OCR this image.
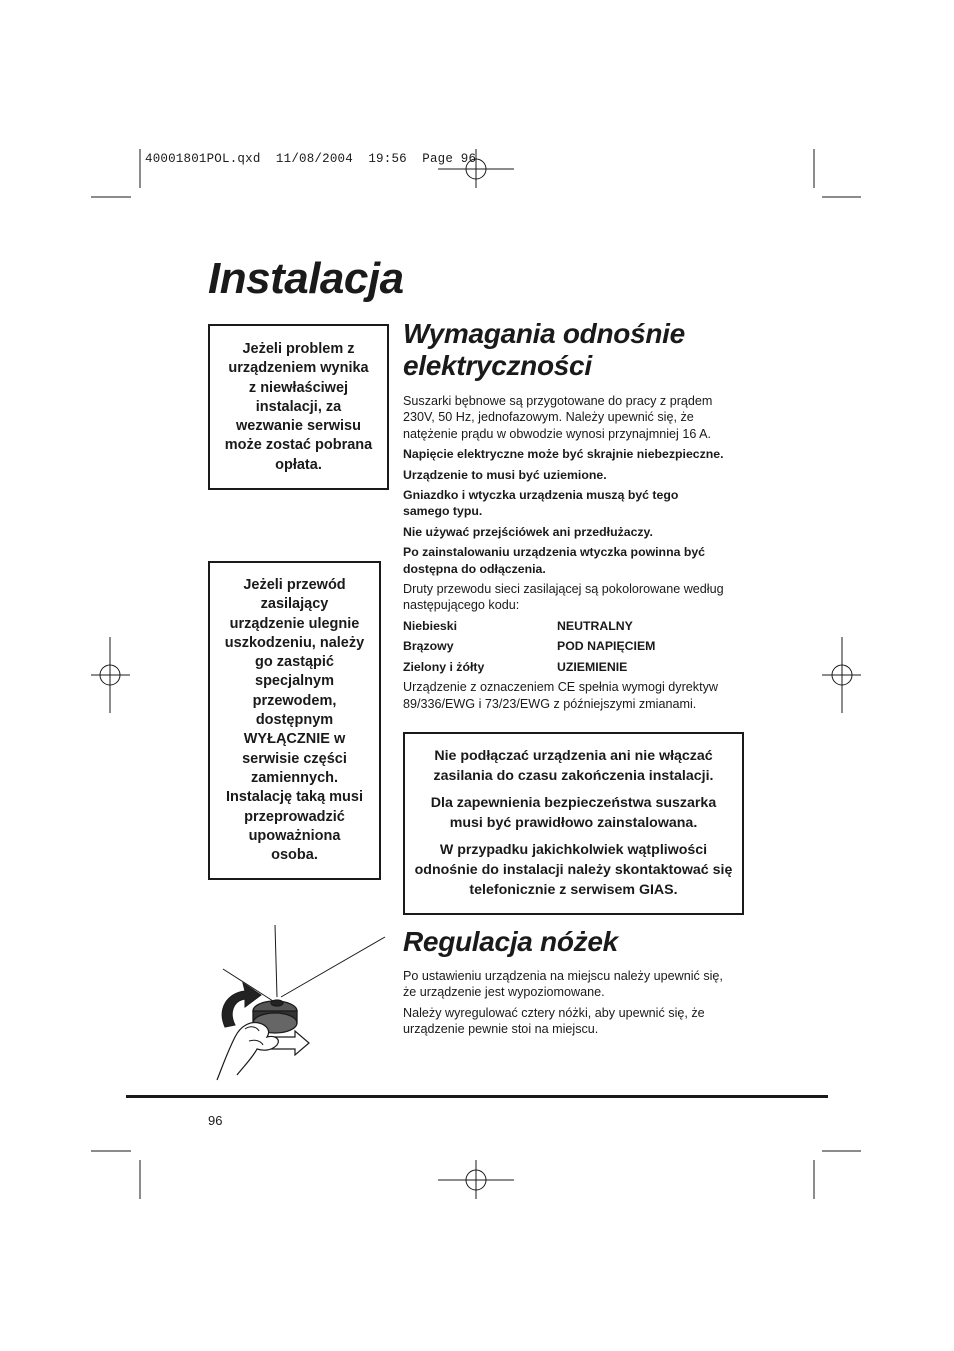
40001801POL.qxd  11/08/2004  19:56  Page 96
Instalacja
Jeżeli problem z
urządzeniem wynika
z niewłaściwej
instalacji, za
wezwanie serwisu
może zostać pobrana
opłata.
Jeżeli przewód
zasilający
urządzenie ulegnie
uszkodzeniu, należy
go zastąpić
specjalnym
przewodem,
dostępnym
WYŁĄCZNIE w
serwisie części
zamiennych.
Instalację taką musi
przeprowadzić
upoważniona
osoba.
Wymagania odnośnie
elektryczności

Suszarki bębnowe są przygotowane do pracy z prądem
230V, 50 Hz, jednofazowym. Należy upewnić się, że
natężenie prądu w obwodzie wynosi przynajmniej 16 A.

Napięcie elektryczne może być skrajnie niebezpieczne.

Urządzenie to musi być uziemione.

Gniazdko i wtyczka urządzenia muszą być tego
samego typu.

Nie używać przejściówek ani przedłużaczy.

Po zainstalowaniu urządzenia wtyczka powinna być
dostępna do odłączenia.

Druty przewodu sieci zasilającej są pokolorowane według
następującego kodu:

Niebieski	NEUTRALNY

Brązowy	POD NAPIĘCIEM

Zielony i żółty	UZIEMIENIE

Urządzenie z oznaczeniem CE spełnia wymogi dyrektyw
89/336/EWG i 73/23/EWG z późniejszymi zmianami.

Nie podłączać urządzenia ani nie włączać
zasilania do czasu zakończenia instalacji.

Dla zapewnienia bezpieczeństwa suszarka
musi być prawidłowo zainstalowana.

W przypadku jakichkolwiek wątpliwości
odnośnie do instalacji należy skontaktować się
telefonicznie z serwisem GIAS.

Regulacja nóżek

Po ustawieniu urządzenia na miejscu należy upewnić się,
że urządzenie jest wypoziomowane.

Należy wyregulować cztery nóżki, aby upewnić się, że
urządzenie pewnie stoi na miejscu.

96
